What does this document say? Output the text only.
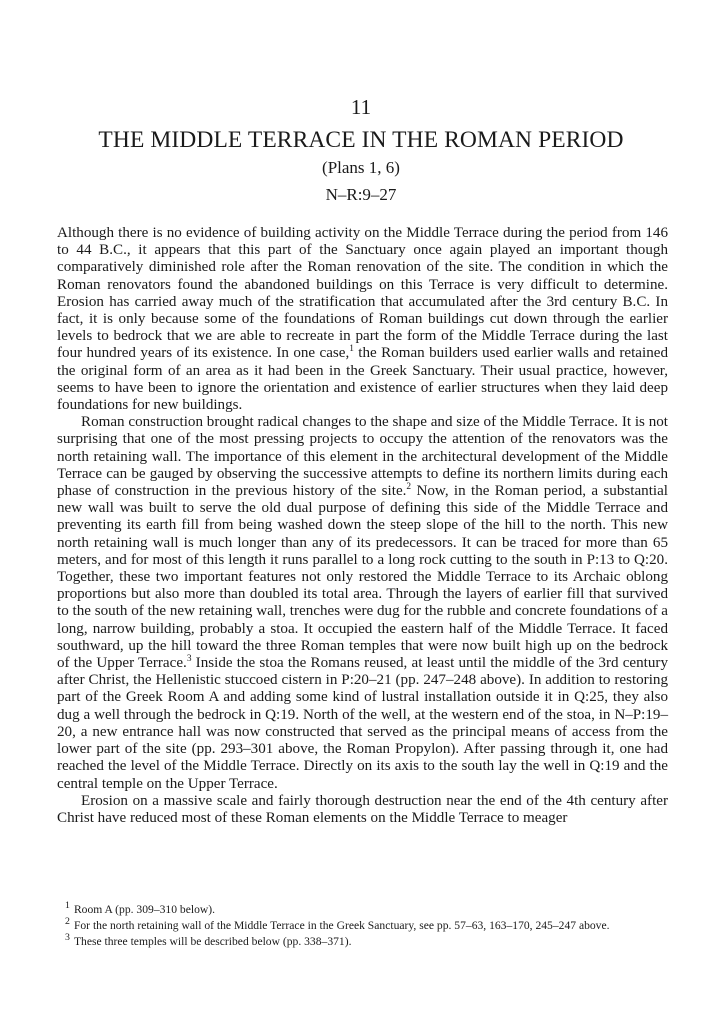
11
THE MIDDLE TERRACE IN THE ROMAN PERIOD
(Plans 1, 6)
N–R:9–27

Although there is no evidence of building activity on the Middle Terrace during the period from 146 to 44 B.C., it appears that this part of the Sanctuary once again played an important though comparatively diminished role after the Roman renovation of the site. The condition in which the Roman renovators found the abandoned buildings on this Terrace is very difficult to determine. Erosion has carried away much of the stratification that accumulated after the 3rd century B.C. In fact, it is only because some of the foundations of Roman buildings cut down through the earlier levels to bedrock that we are able to recreate in part the form of the Middle Terrace during the last four hundred years of its existence. In one case,$^1$ the Roman builders used earlier walls and retained the original form of an area as it had been in the Greek Sanctuary. Their usual practice, however, seems to have been to ignore the orientation and existence of earlier structures when they laid deep foundations for new buildings.

Roman construction brought radical changes to the shape and size of the Middle Terrace. It is not surprising that one of the most pressing projects to occupy the attention of the renovators was the north retaining wall. The importance of this element in the architectural development of the Middle Terrace can be gauged by observing the successive attempts to define its northern limits during each phase of construction in the previous history of the site.$^2$ Now, in the Roman period, a substantial new wall was built to serve the old dual purpose of defining this side of the Middle Terrace and preventing its earth fill from being washed down the steep slope of the hill to the north. This new north retaining wall is much longer than any of its predecessors. It can be traced for more than 65 meters, and for most of this length it runs parallel to a long rock cutting to the south in P:13 to Q:20. Together, these two important features not only restored the Middle Terrace to its Archaic oblong proportions but also more than doubled its total area. Through the layers of earlier fill that survived to the south of the new retaining wall, trenches were dug for the rubble and concrete foundations of a long, narrow building, probably a stoa. It occupied the eastern half of the Middle Terrace. It faced southward, up the hill toward the three Roman temples that were now built high up on the bedrock of the Upper Terrace.$^3$ Inside the stoa the Romans reused, at least until the middle of the 3rd century after Christ, the Hellenistic stuccoed cistern in P:20–21 (pp. 247–248 above). In addition to restoring part of the Greek Room A and adding some kind of lustral installation outside it in Q:25, they also dug a well through the bedrock in Q:19. North of the well, at the western end of the stoa, in N–P:19–20, a new entrance hall was now constructed that served as the principal means of access from the lower part of the site (pp. 293–301 above, the Roman Propylon). After passing through it, one had reached the level of the Middle Terrace. Directly on its axis to the south lay the well in Q:19 and the central temple on the Upper Terrace.

Erosion on a massive scale and fairly thorough destruction near the end of the 4th century after Christ have reduced most of these Roman elements on the Middle Terrace to meager

$^1$ Room A (pp. 309–310 below).

$^2$ For the north retaining wall of the Middle Terrace in the Greek Sanctuary, see pp. 57–63, 163–170, 245–247 above.

$^3$ These three temples will be described below (pp. 338–371).
